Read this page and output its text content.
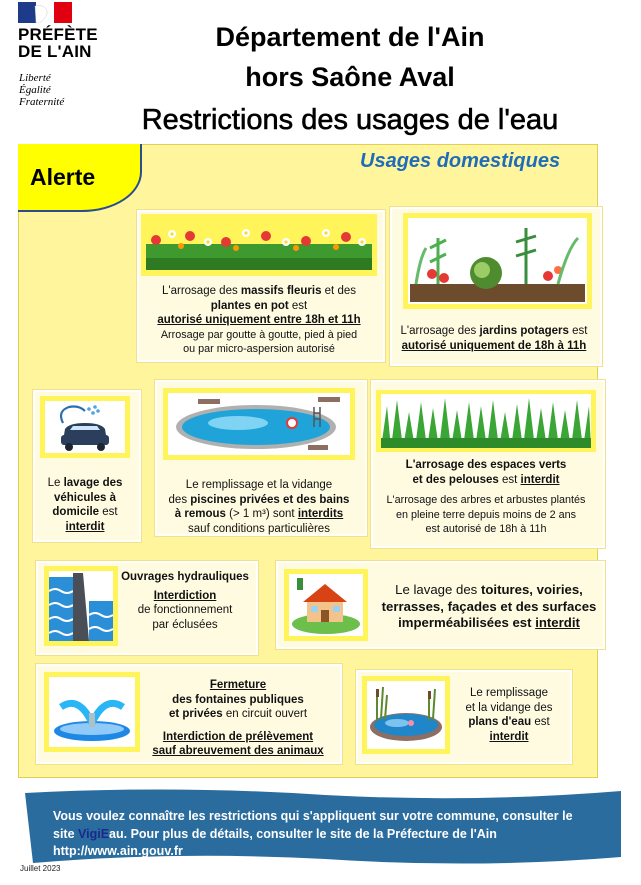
PRÉFÈTE
DE L'AIN
Liberté
Égalité
Fraternité
Département de l'Ain
hors Saône Aval
Restrictions des usages de l'eau
Alerte
Usages domestiques
L'arrosage des massifs fleuris et des
plantes en pot est
autorisé uniquement entre 18h et 11h
Arrosage par goutte à goutte, pied à pied
ou par micro-aspersion autorisé
L'arrosage des jardins potagers est
autorisé uniquement de 18h à 11h
Le lavage des
véhicules à
domicile est
interdit
Le remplissage et la vidange
des piscines privées et des bains
à remous (> 1 m³) sont interdits
sauf conditions particulières
L'arrosage des espaces verts
et des pelouses est interdit
L'arrosage des arbres et arbustes plantés
en pleine terre depuis moins de 2 ans
est autorisé de 18h à 11h
Ouvrages hydrauliques
Interdiction
de fonctionnement
par éclusées
Le lavage des toitures, voiries,
terrasses, façades et des surfaces
imperméabilisées est interdit
Fermeture
des fontaines publiques
et privées en circuit ouvert
Interdiction de prélèvement
sauf abreuvement des animaux
Le remplissage
et la vidange des
plans d'eau est
interdit
Vous voulez connaître les restrictions qui s'appliquent sur votre commune, consulter le
site VigiEau. Pour plus de détails, consulter le site de la Préfecture de l'Ain
http://www.ain.gouv.fr
Juillet 2023
